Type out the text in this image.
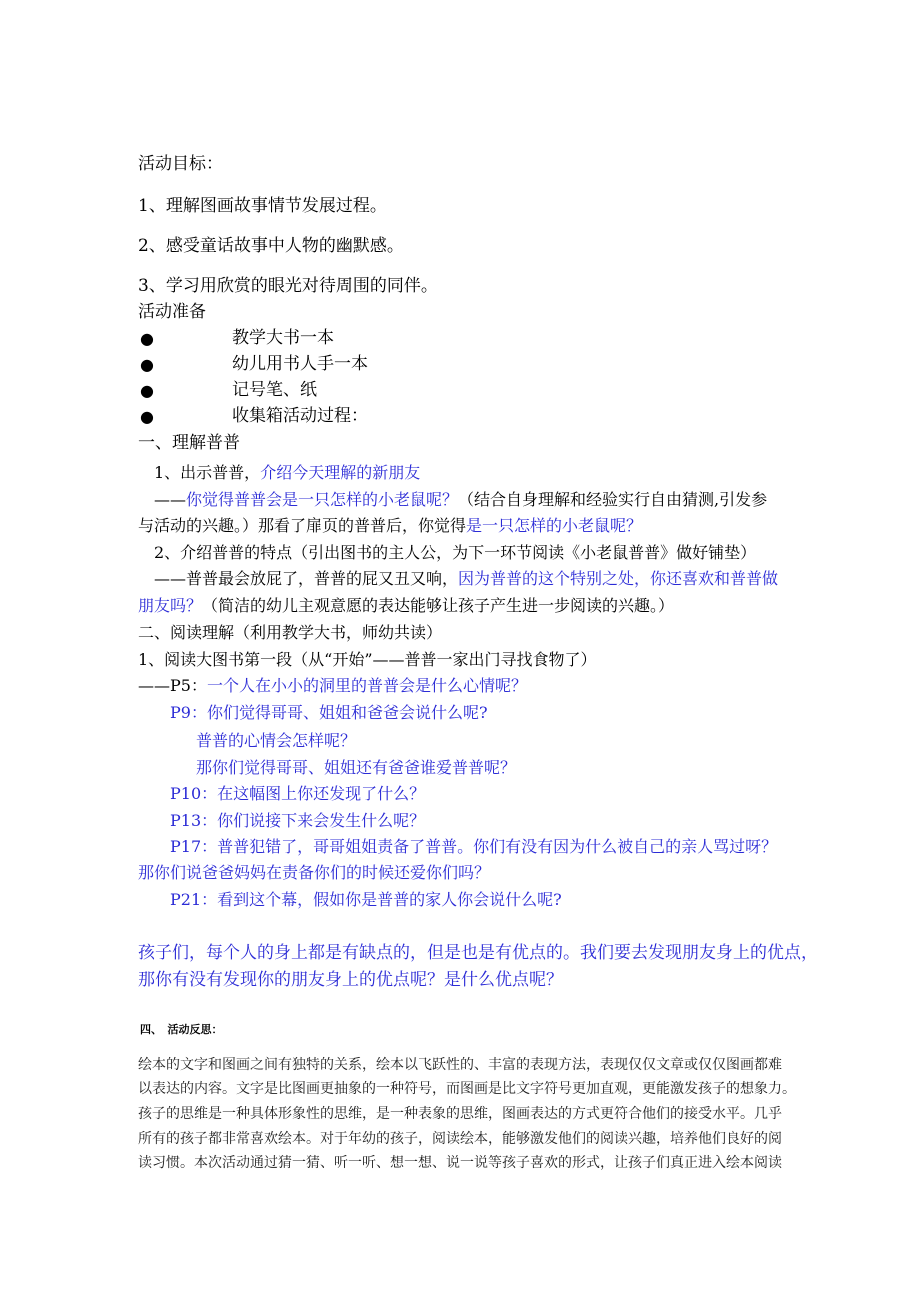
活动目标：
1、理解图画故事情节发展过程。
2、感受童话故事中人物的幽默感。
3、学习用欣赏的眼光对待周围的同伴。
活动准备
●	教学大书一本
●	幼儿用书人手一本
●	记号笔、纸
●	收集箱活动过程：
一、理解普普
1、出示普普，介绍今天理解的新朋友
——你觉得普普会是一只怎样的小老鼠呢？（结合自身理解和经验实行自由猜测,引发参
与活动的兴趣。）那看了扉页的普普后，你觉得是一只怎样的小老鼠呢？
2、介绍普普的特点（引出图书的主人公，为下一环节阅读《小老鼠普普》做好铺垫）
——普普最会放屁了，普普的屁又丑又响，因为普普的这个特别之处，你还喜欢和普普做
朋友吗？（简洁的幼儿主观意愿的表达能够让孩子产生进一步阅读的兴趣。）
二、阅读理解（利用教学大书，师幼共读）
1、阅读大图书第一段（从“开始”——普普一家出门寻找食物了）
——P5：一个人在小小的洞里的普普会是什么心情呢？
P9：你们觉得哥哥、姐姐和爸爸会说什么呢?
普普的心情会怎样呢？
那你们觉得哥哥、姐姐还有爸爸谁爱普普呢？
P10：在这幅图上你还发现了什么？
P13：你们说接下来会发生什么呢？
P17：普普犯错了，哥哥姐姐责备了普普。你们有没有因为什么被自己的亲人骂过呀？
那你们说爸爸妈妈在责备你们的时候还爱你们吗？
P21：看到这个幕，假如你是普普的家人你会说什么呢?
孩子们，每个人的身上都是有缺点的，但是也是有优点的。我们要去发现朋友身上的优点，
那你有没有发现你的朋友身上的优点呢？是什么优点呢？
四、　活动反思：
绘本的文字和图画之间有独特的关系，绘本以飞跃性的、丰富的表现方法，表现仅仅文章或仅仅图画都难
以表达的内容。文字是比图画更抽象的一种符号，而图画是比文字符号更加直观，更能激发孩子的想象力。
孩子的思维是一种具体形象性的思维，是一种表象的思维，图画表达的方式更符合他们的接受水平。几乎
所有的孩子都非常喜欢绘本。对于年幼的孩子，阅读绘本，能够激发他们的阅读兴趣，培养他们良好的阅
读习惯。本次活动通过猜一猜、听一听、想一想、说一说等孩子喜欢的形式，让孩子们真正进入绘本阅读
